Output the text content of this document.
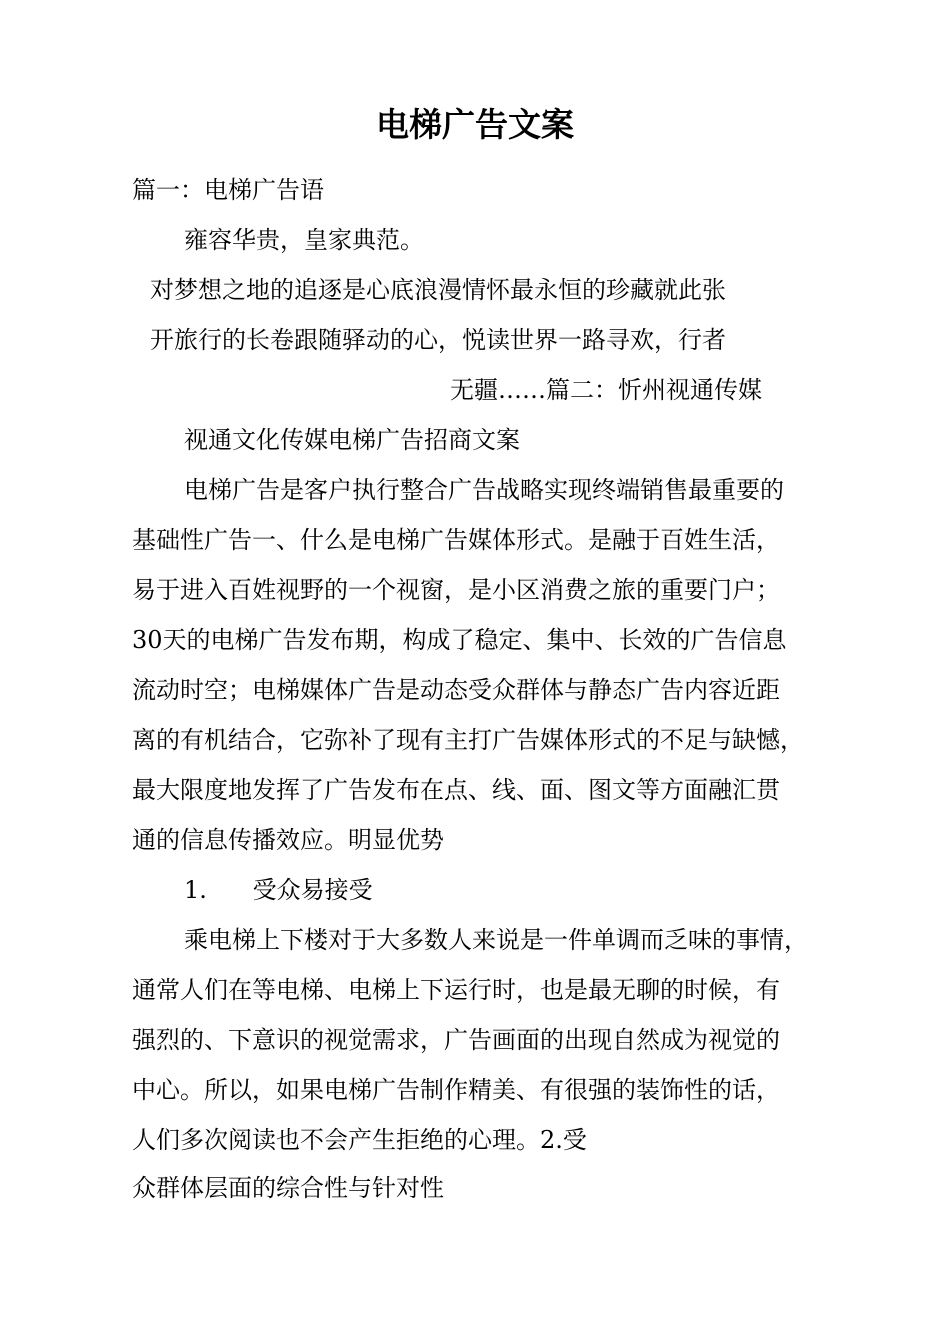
电梯广告文案
篇一：电梯广告语
雍容华贵，皇家典范。
对梦想之地的追逐是心底浪漫情怀最永恒的珍藏就此张
开旅行的长卷跟随驿动的心，悦读世界一路寻欢，行者
无疆……篇二：忻州视通传媒
视通文化传媒电梯广告招商文案
电梯广告是客户执行整合广告战略实现终端销售最重要的
基础性广告一、什么是电梯广告媒体形式。是融于百姓生活，
易于进入百姓视野的一个视窗，是小区消费之旅的重要门户；
30天的电梯广告发布期，构成了稳定、集中、长效的广告信息
流动时空；电梯媒体广告是动态受众群体与静态广告内容近距
离的有机结合，它弥补了现有主打广告媒体形式的不足与缺憾，
最大限度地发挥了广告发布在点、线、面、图文等方面融汇贯
通的信息传播效应。明显优势
1.      受众易接受
乘电梯上下楼对于大多数人来说是一件单调而乏味的事情，
通常人们在等电梯、电梯上下运行时，也是最无聊的时候，有
强烈的、下意识的视觉需求，广告画面的出现自然成为视觉的
中心。所以，如果电梯广告制作精美、有很强的装饰性的话，
人们多次阅读也不会产生拒绝的心理。2.受
众群体层面的综合性与针对性
